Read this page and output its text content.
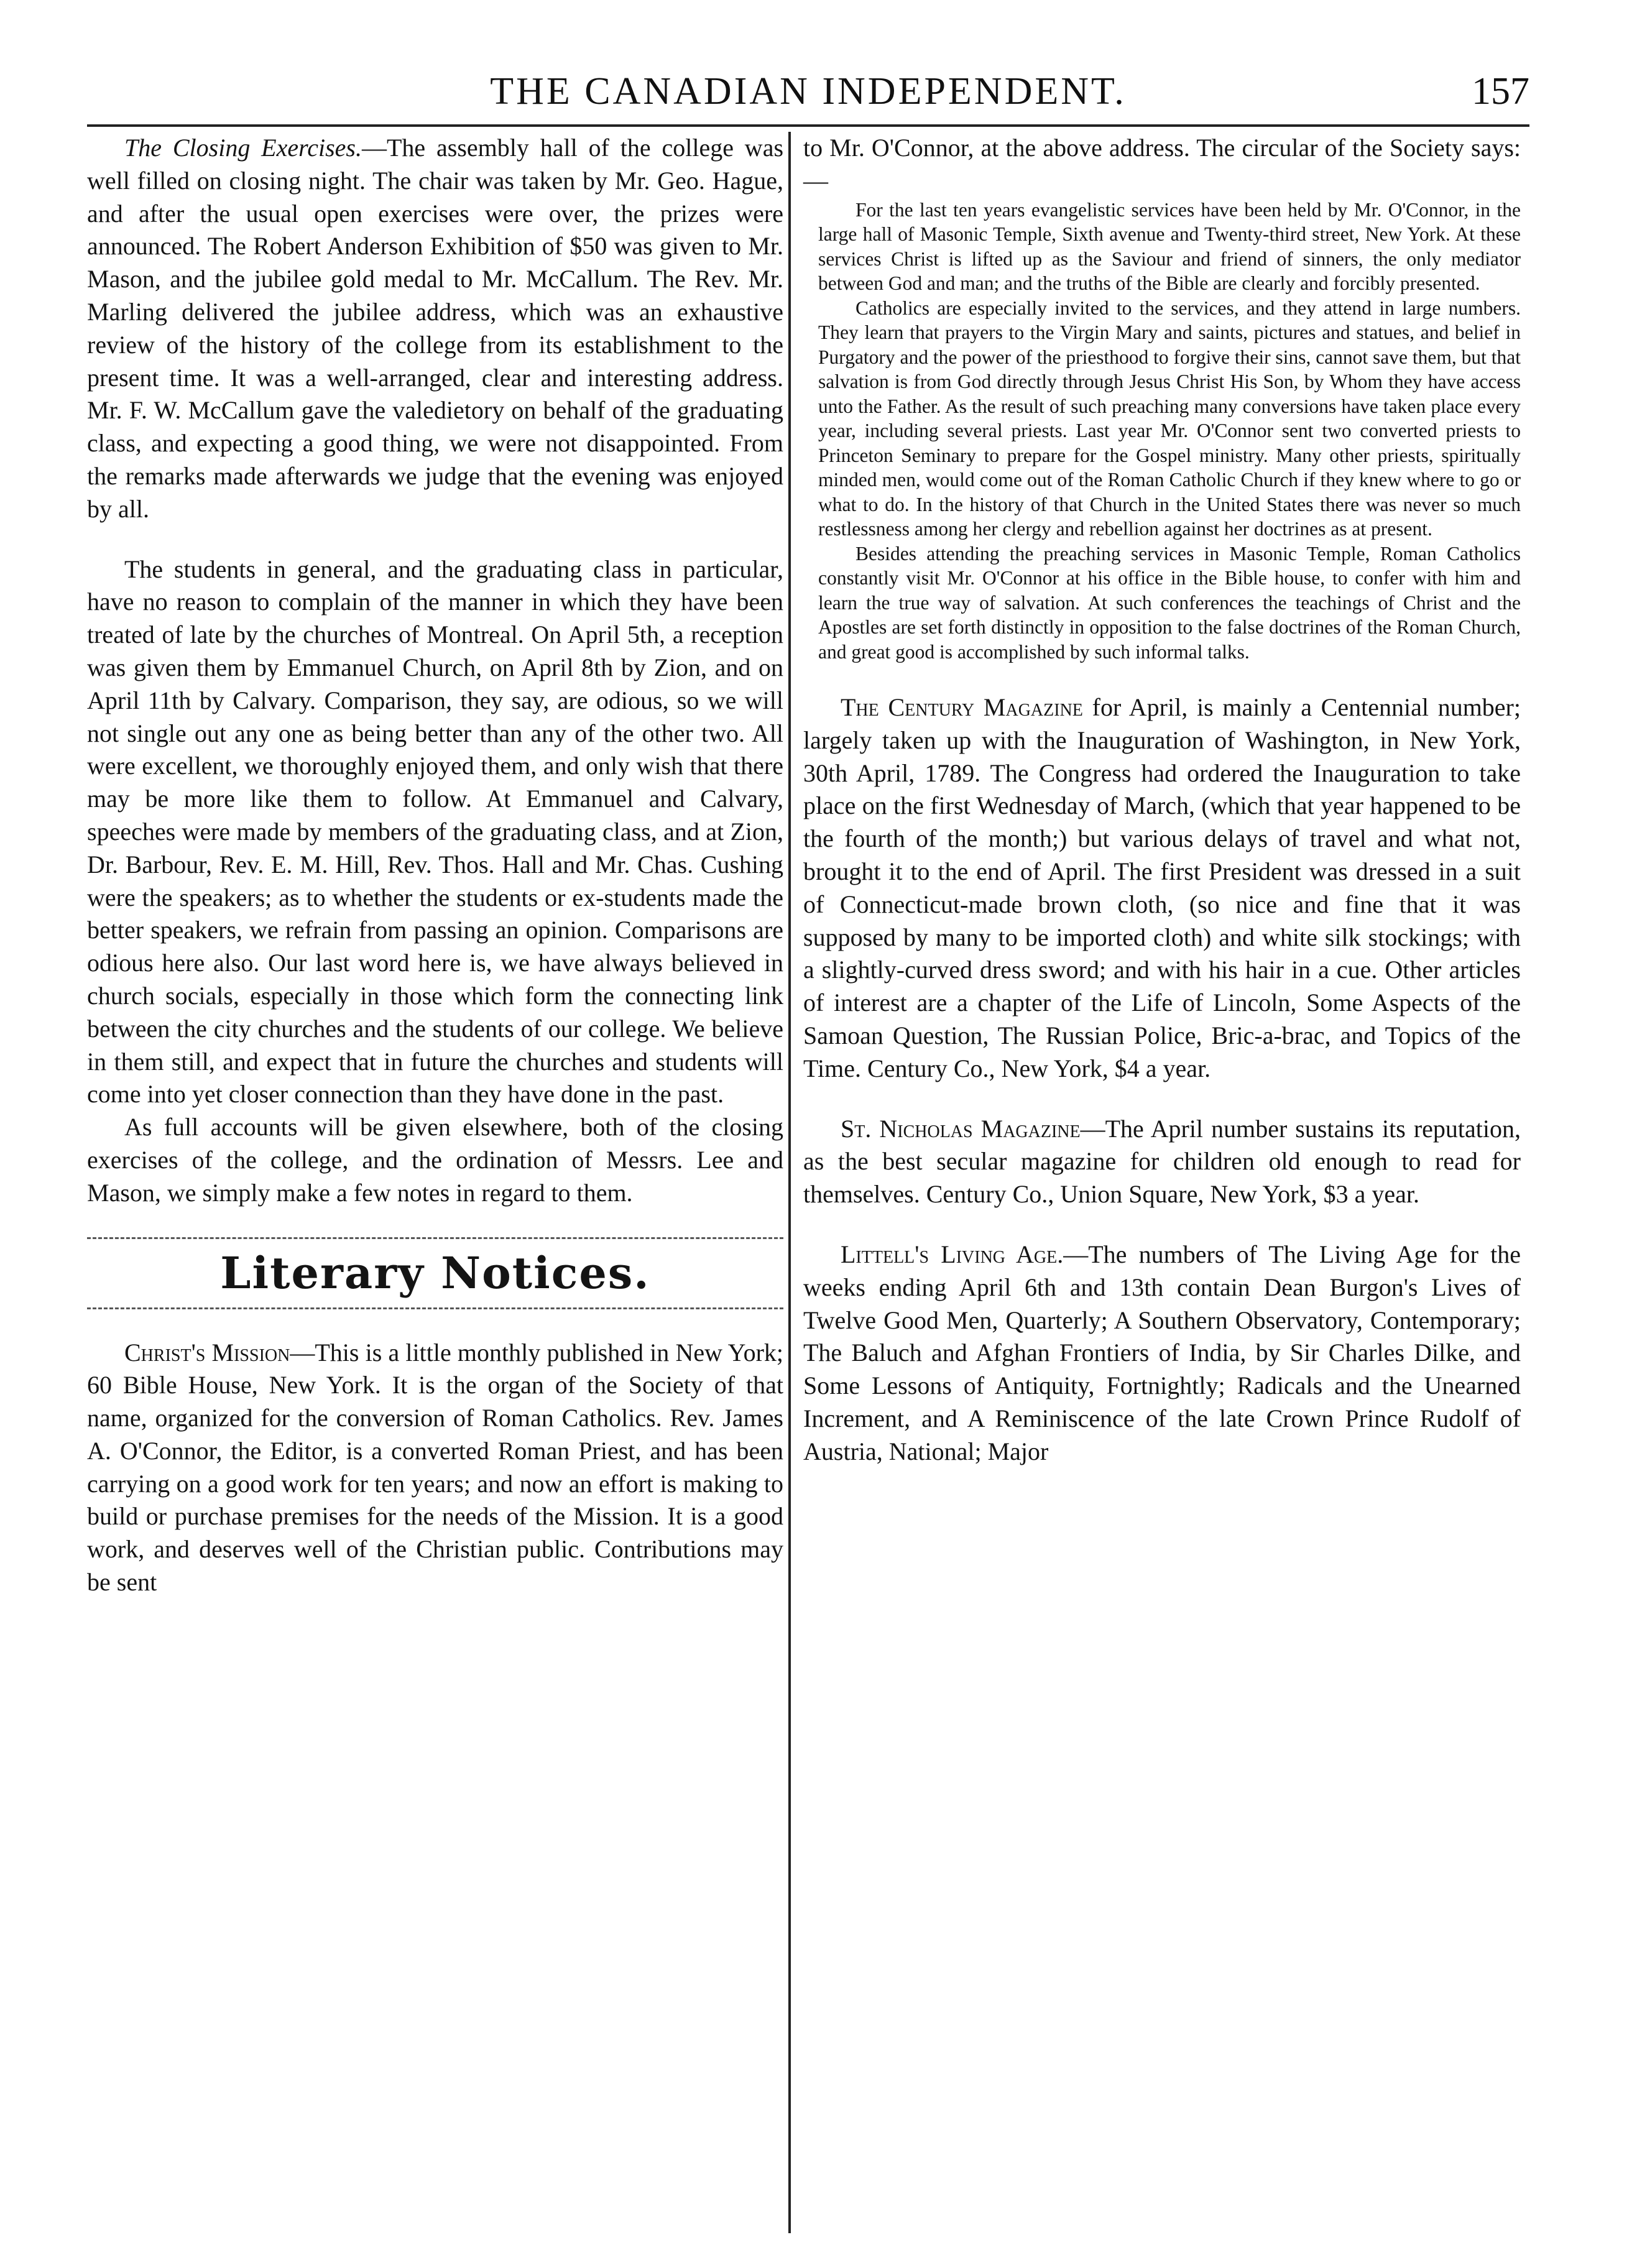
THE CANADIAN INDEPENDENT.	157

The Closing Exercises.—The assembly hall of the college was well filled on closing night. The chair was taken by Mr. Geo. Hague, and after the usual open exercises were over, the prizes were announced. The Robert Anderson Exhibition of $50 was given to Mr. Mason, and the jubilee gold medal to Mr. McCallum. The Rev. Mr. Marling delivered the jubilee address, which was an exhaustive review of the history of the college from its establishment to the present time. It was a well-arranged, clear and interesting address. Mr. F. W. McCallum gave the valedietory on behalf of the graduating class, and expecting a good thing, we were not disappointed. From the remarks made afterwards we judge that the evening was enjoyed by all.

The students in general, and the graduating class in particular, have no reason to complain of the manner in which they have been treated of late by the churches of Montreal. On April 5th, a reception was given them by Emmanuel Church, on April 8th by Zion, and on April 11th by Calvary. Comparison, they say, are odious, so we will not single out any one as being better than any of the other two. All were excellent, we thoroughly enjoyed them, and only wish that there may be more like them to follow. At Emmanuel and Calvary, speeches were made by members of the graduating class, and at Zion, Dr. Barbour, Rev. E. M. Hill, Rev. Thos. Hall and Mr. Chas. Cushing were the speakers; as to whether the students or ex-students made the better speakers, we refrain from passing an opinion. Comparisons are odious here also. Our last word here is, we have always believed in church socials, especially in those which form the connecting link between the city churches and the students of our college. We believe in them still, and expect that in future the churches and students will come into yet closer connection than they have done in the past.

As full accounts will be given elsewhere, both of the closing exercises of the college, and the ordination of Messrs. Lee and Mason, we simply make a few notes in regard to them.

Literary Notices.

Christ's Mission—This is a little monthly published in New York; 60 Bible House, New York. It is the organ of the Society of that name, organized for the conversion of Roman Catholics. Rev. James A. O'Connor, the Editor, is a converted Roman Priest, and has been carrying on a good work for ten years; and now an effort is making to build or purchase premises for the needs of the Mission. It is a good work, and deserves well of the Christian public. Contributions may be sent

to Mr. O'Connor, at the above address. The circular of the Society says:—

For the last ten years evangelistic services have been held by Mr. O'Connor, in the large hall of Masonic Temple, Sixth avenue and Twenty-third street, New York. At these services Christ is lifted up as the Saviour and friend of sinners, the only mediator between God and man; and the truths of the Bible are clearly and forcibly presented.

Catholics are especially invited to the services, and they attend in large numbers. They learn that prayers to the Virgin Mary and saints, pictures and statues, and belief in Purgatory and the power of the priesthood to forgive their sins, cannot save them, but that salvation is from God directly through Jesus Christ His Son, by Whom they have access unto the Father. As the result of such preaching many conversions have taken place every year, including several priests. Last year Mr. O'Connor sent two converted priests to Princeton Seminary to prepare for the Gospel ministry. Many other priests, spiritually minded men, would come out of the Roman Catholic Church if they knew where to go or what to do. In the history of that Church in the United States there was never so much restlessness among her clergy and rebellion against her doctrines as at present.

Besides attending the preaching services in Masonic Temple, Roman Catholics constantly visit Mr. O'Connor at his office in the Bible house, to confer with him and learn the true way of salvation. At such conferences the teachings of Christ and the Apostles are set forth distinctly in opposition to the false doctrines of the Roman Church, and great good is accomplished by such informal talks.

The Century Magazine for April, is mainly a Centennial number; largely taken up with the Inauguration of Washington, in New York, 30th April, 1789. The Congress had ordered the Inauguration to take place on the first Wednesday of March, (which that year happened to be the fourth of the month;) but various delays of travel and what not, brought it to the end of April. The first President was dressed in a suit of Connecticut-made brown cloth, (so nice and fine that it was supposed by many to be imported cloth) and white silk stockings; with a slightly-curved dress sword; and with his hair in a cue. Other articles of interest are a chapter of the Life of Lincoln, Some Aspects of the Samoan Question, The Russian Police, Bric-a-brac, and Topics of the Time. Century Co., New York, $4 a year.

St. Nicholas Magazine—The April number sustains its reputation, as the best secular magazine for children old enough to read for themselves. Century Co., Union Square, New York, $3 a year.

Littell's Living Age.—The numbers of The Living Age for the weeks ending April 6th and 13th contain Dean Burgon's Lives of Twelve Good Men, Quarterly; A Southern Observatory, Contemporary; The Baluch and Afghan Frontiers of India, by Sir Charles Dilke, and Some Lessons of Antiquity, Fortnightly; Radicals and the Unearned Increment, and A Reminiscence of the late Crown Prince Rudolf of Austria, National; Major
